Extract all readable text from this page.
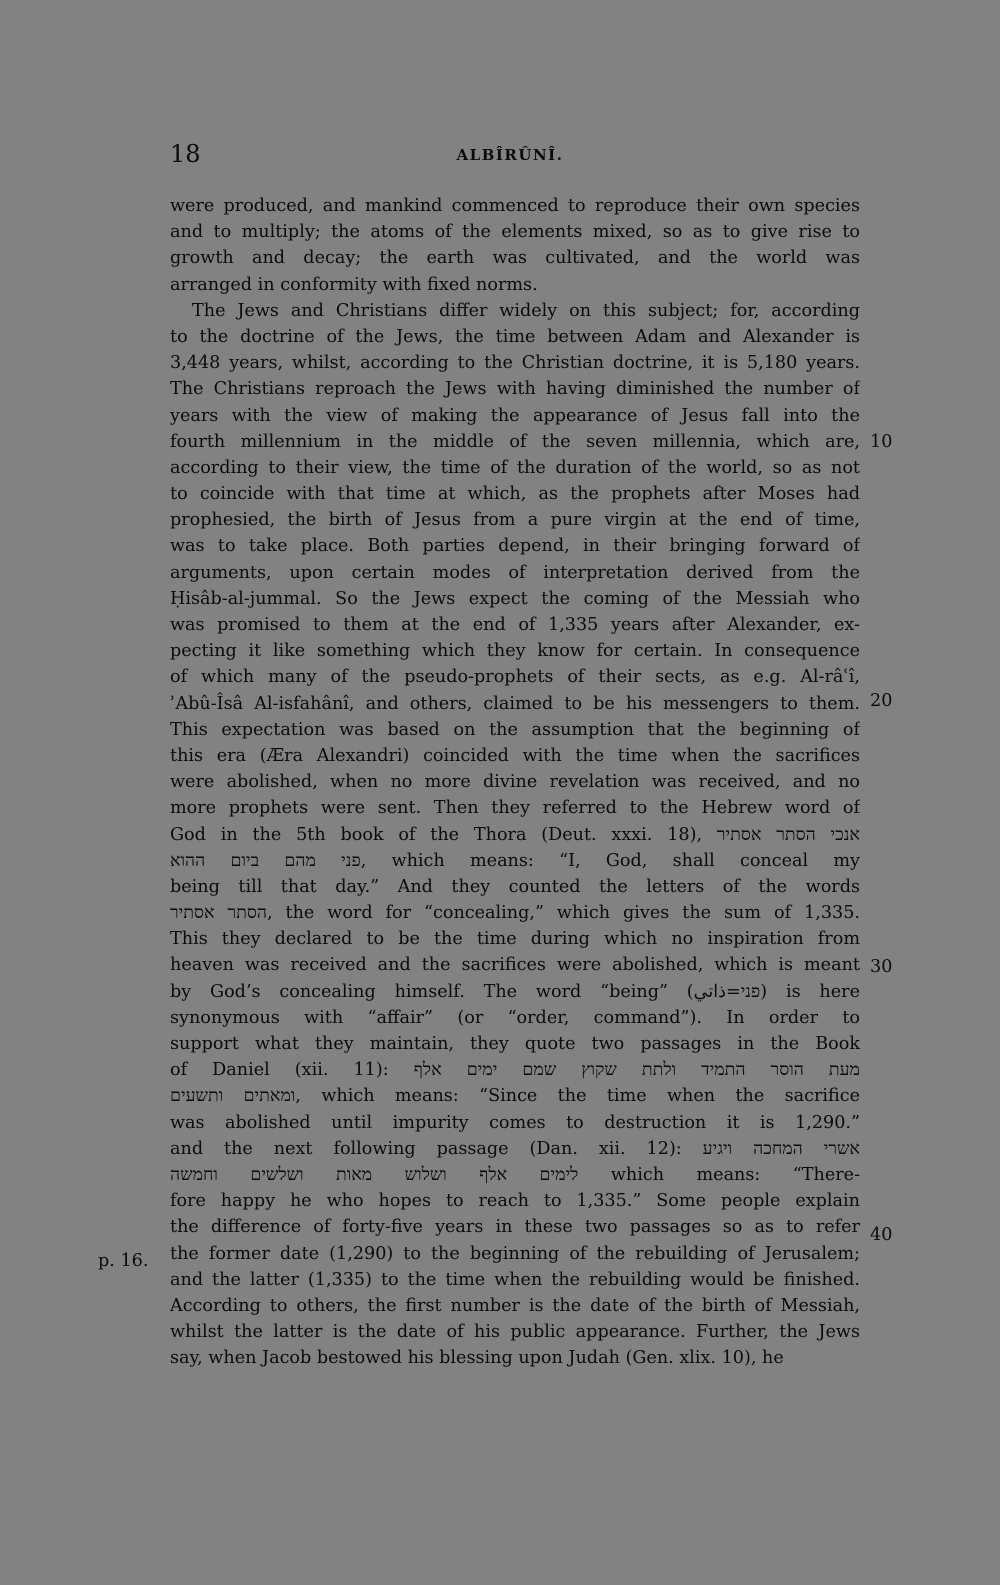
18	ALBÎRÛNÎ.
were produced, and mankind commenced to reproduce their own species
and to multiply; the atoms of the elements mixed, so as to give rise to
growth and decay; the earth was cultivated, and the world was
arranged in conformity with fixed norms.
The Jews and Christians differ widely on this subject; for, according
to the doctrine of the Jews, the time between Adam and Alexander is
3,448 years, whilst, according to the Christian doctrine, it is 5,180 years.
The Christians reproach the Jews with having diminished the number of
years with the view of making the appearance of Jesus fall into the
fourth millennium in the middle of the seven millennia, which are,
according to their view, the time of the duration of the world, so as not
to coincide with that time at which, as the prophets after Moses had
prophesied, the birth of Jesus from a pure virgin at the end of time,
was to take place. Both parties depend, in their bringing forward of
arguments, upon certain modes of interpretation derived from the
Ḥisâb-al-jummal. So the Jews expect the coming of the Messiah who
was promised to them at the end of 1,335 years after Alexander, ex-
pecting it like something which they know for certain. In consequence
of which many of the pseudo-prophets of their sects, as e.g. Al-râʿî,
ʾAbû-Îsâ Al-isfahânî, and others, claimed to be his messengers to them.
This expectation was based on the assumption that the beginning of
this era (Æra Alexandri) coincided with the time when the sacrifices
were abolished, when no more divine revelation was received, and no
more prophets were sent. Then they referred to the Hebrew word of
God in the 5th book of the Thora (Deut. xxxi. 18), אנכי הסתר אסתיר
פני מהם ביום ההוא, which means: “I, God, shall conceal my
being till that day.” And they counted the letters of the words
הסתר אסתיר, the word for “concealing,” which gives the sum of 1,335.
This they declared to be the time during which no inspiration from
heaven was received and the sacrifices were abolished, which is meant
by God’s concealing himself. The word “being” (פני=ذاتي) is here
synonymous with “affair” (or “order, command”). In order to
support what they maintain, they quote two passages in the Book
of Daniel (xii. 11): מעת הוסר התמיד ולתת שקוץ שמם ימים אלף
ומאתים ותשעים, which means: “Since the time when the sacrifice
was abolished until impurity comes to destruction it is 1,290.”
and the next following passage (Dan. xii. 12): אשרי המחכה ויגיע
לימים אלף ושלוש מאות ושלשים וחמשה which means: “There-
fore happy he who hopes to reach to 1,335.” Some people explain
the difference of forty-five years in these two passages so as to refer
the former date (1,290) to the beginning of the rebuilding of Jerusalem;
and the latter (1,335) to the time when the rebuilding would be finished.
According to others, the first number is the date of the birth of Messiah,
whilst the latter is the date of his public appearance. Further, the Jews
say, when Jacob bestowed his blessing upon Judah (Gen. xlix. 10), he
10
20
30
40
p. 16.
